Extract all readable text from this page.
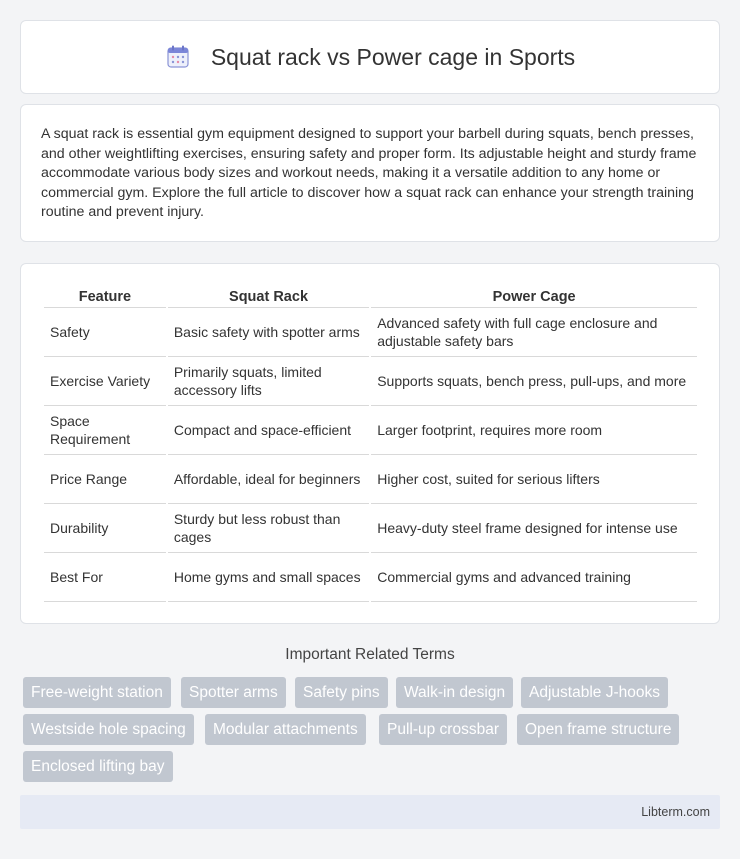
Squat rack vs Power cage in Sports

A squat rack is essential gym equipment designed to support your barbell during squats, bench presses, and other weightlifting exercises, ensuring safety and proper form. Its adjustable height and sturdy frame accommodate various body sizes and workout needs, making it a versatile addition to any home or commercial gym. Explore the full article to discover how a squat rack can enhance your strength training routine and prevent injury.

Feature	Squat Rack	Power Cage
Safety	Basic safety with spotter arms	Advanced safety with full cage enclosure and adjustable safety bars
Exercise Variety	Primarily squats, limited accessory lifts	Supports squats, bench press, pull-ups, and more
Space Requirement	Compact and space-efficient	Larger footprint, requires more room
Price Range	Affordable, ideal for beginners	Higher cost, suited for serious lifters
Durability	Sturdy but less robust than cages	Heavy-duty steel frame designed for intense use
Best For	Home gyms and small spaces	Commercial gyms and advanced training
Important Related Terms
Free-weight station	Spotter arms	Safety pins	Walk-in design	Adjustable J-hooks
Westside hole spacing	Modular attachments	Pull-up crossbar	Open frame structure
Enclosed lifting bay
Libterm.com
